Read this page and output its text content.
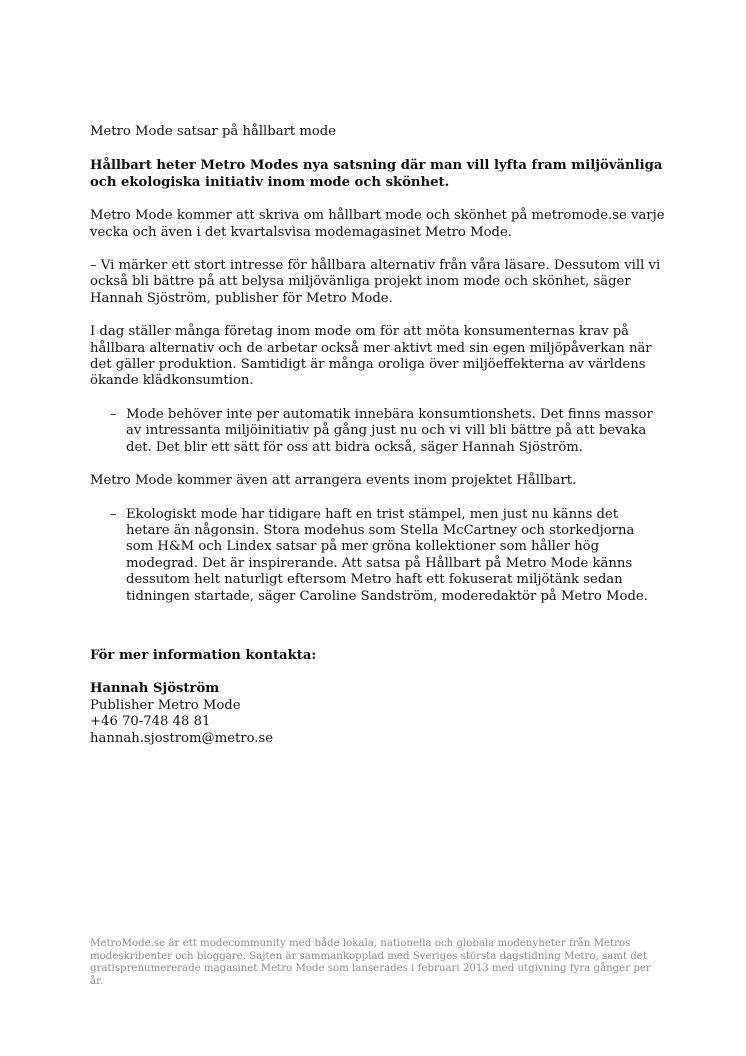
Metro Mode satsar på hållbart mode

Hållbart heter Metro Modes nya satsning där man vill lyfta fram miljövänliga och ekologiska initiativ inom mode och skönhet.

Metro Mode kommer att skriva om hållbart mode och skönhet på metromode.se varje vecka och även i det kvartalsvisa modemagasinet Metro Mode.

– Vi märker ett stort intresse för hållbara alternativ från våra läsare. Dessutom vill vi också bli bättre på att belysa miljövänliga projekt inom mode och skönhet, säger Hannah Sjöström, publisher för Metro Mode.

I dag ställer många företag inom mode om för att möta konsumenternas krav på hållbara alternativ och de arbetar också mer aktivt med sin egen miljöpåverkan när det gäller produktion. Samtidigt är många oroliga över miljöeffekterna av världens ökande klädkonsumtion.

– Mode behöver inte per automatik innebära konsumtionshets. Det finns massor av intressanta miljöinitiativ på gång just nu och vi vill bli bättre på att bevaka det. Det blir ett sätt för oss att bidra också, säger Hannah Sjöström.

Metro Mode kommer även att arrangera events inom projektet Hållbart.

– Ekologiskt mode har tidigare haft en trist stämpel, men just nu känns det hetare än någonsin. Stora modehus som Stella McCartney och storkedjorna som H&M och Lindex satsar på mer gröna kollektioner som håller hög modegrad. Det är inspirerande. Att satsa på Hållbart på Metro Mode känns dessutom helt naturligt eftersom Metro haft ett fokuserat miljötänk sedan tidningen startade, säger Caroline Sandström, moderedaktör på Metro Mode.

För mer information kontakta:

Hannah Sjöström
Publisher Metro Mode
+46 70-748 48 81
hannah.sjostrom@metro.se
MetroMode.se är ett modecommunity med både lokala, nationella och globala modenyheter från Metros modeskribenter och bloggare. Sajten är sammankopplad med Sveriges största dagstidning Metro, samt det gratisprenumererade magasinet Metro Mode som lanserades i februari 2013 med utgivning fyra gånger per år.
